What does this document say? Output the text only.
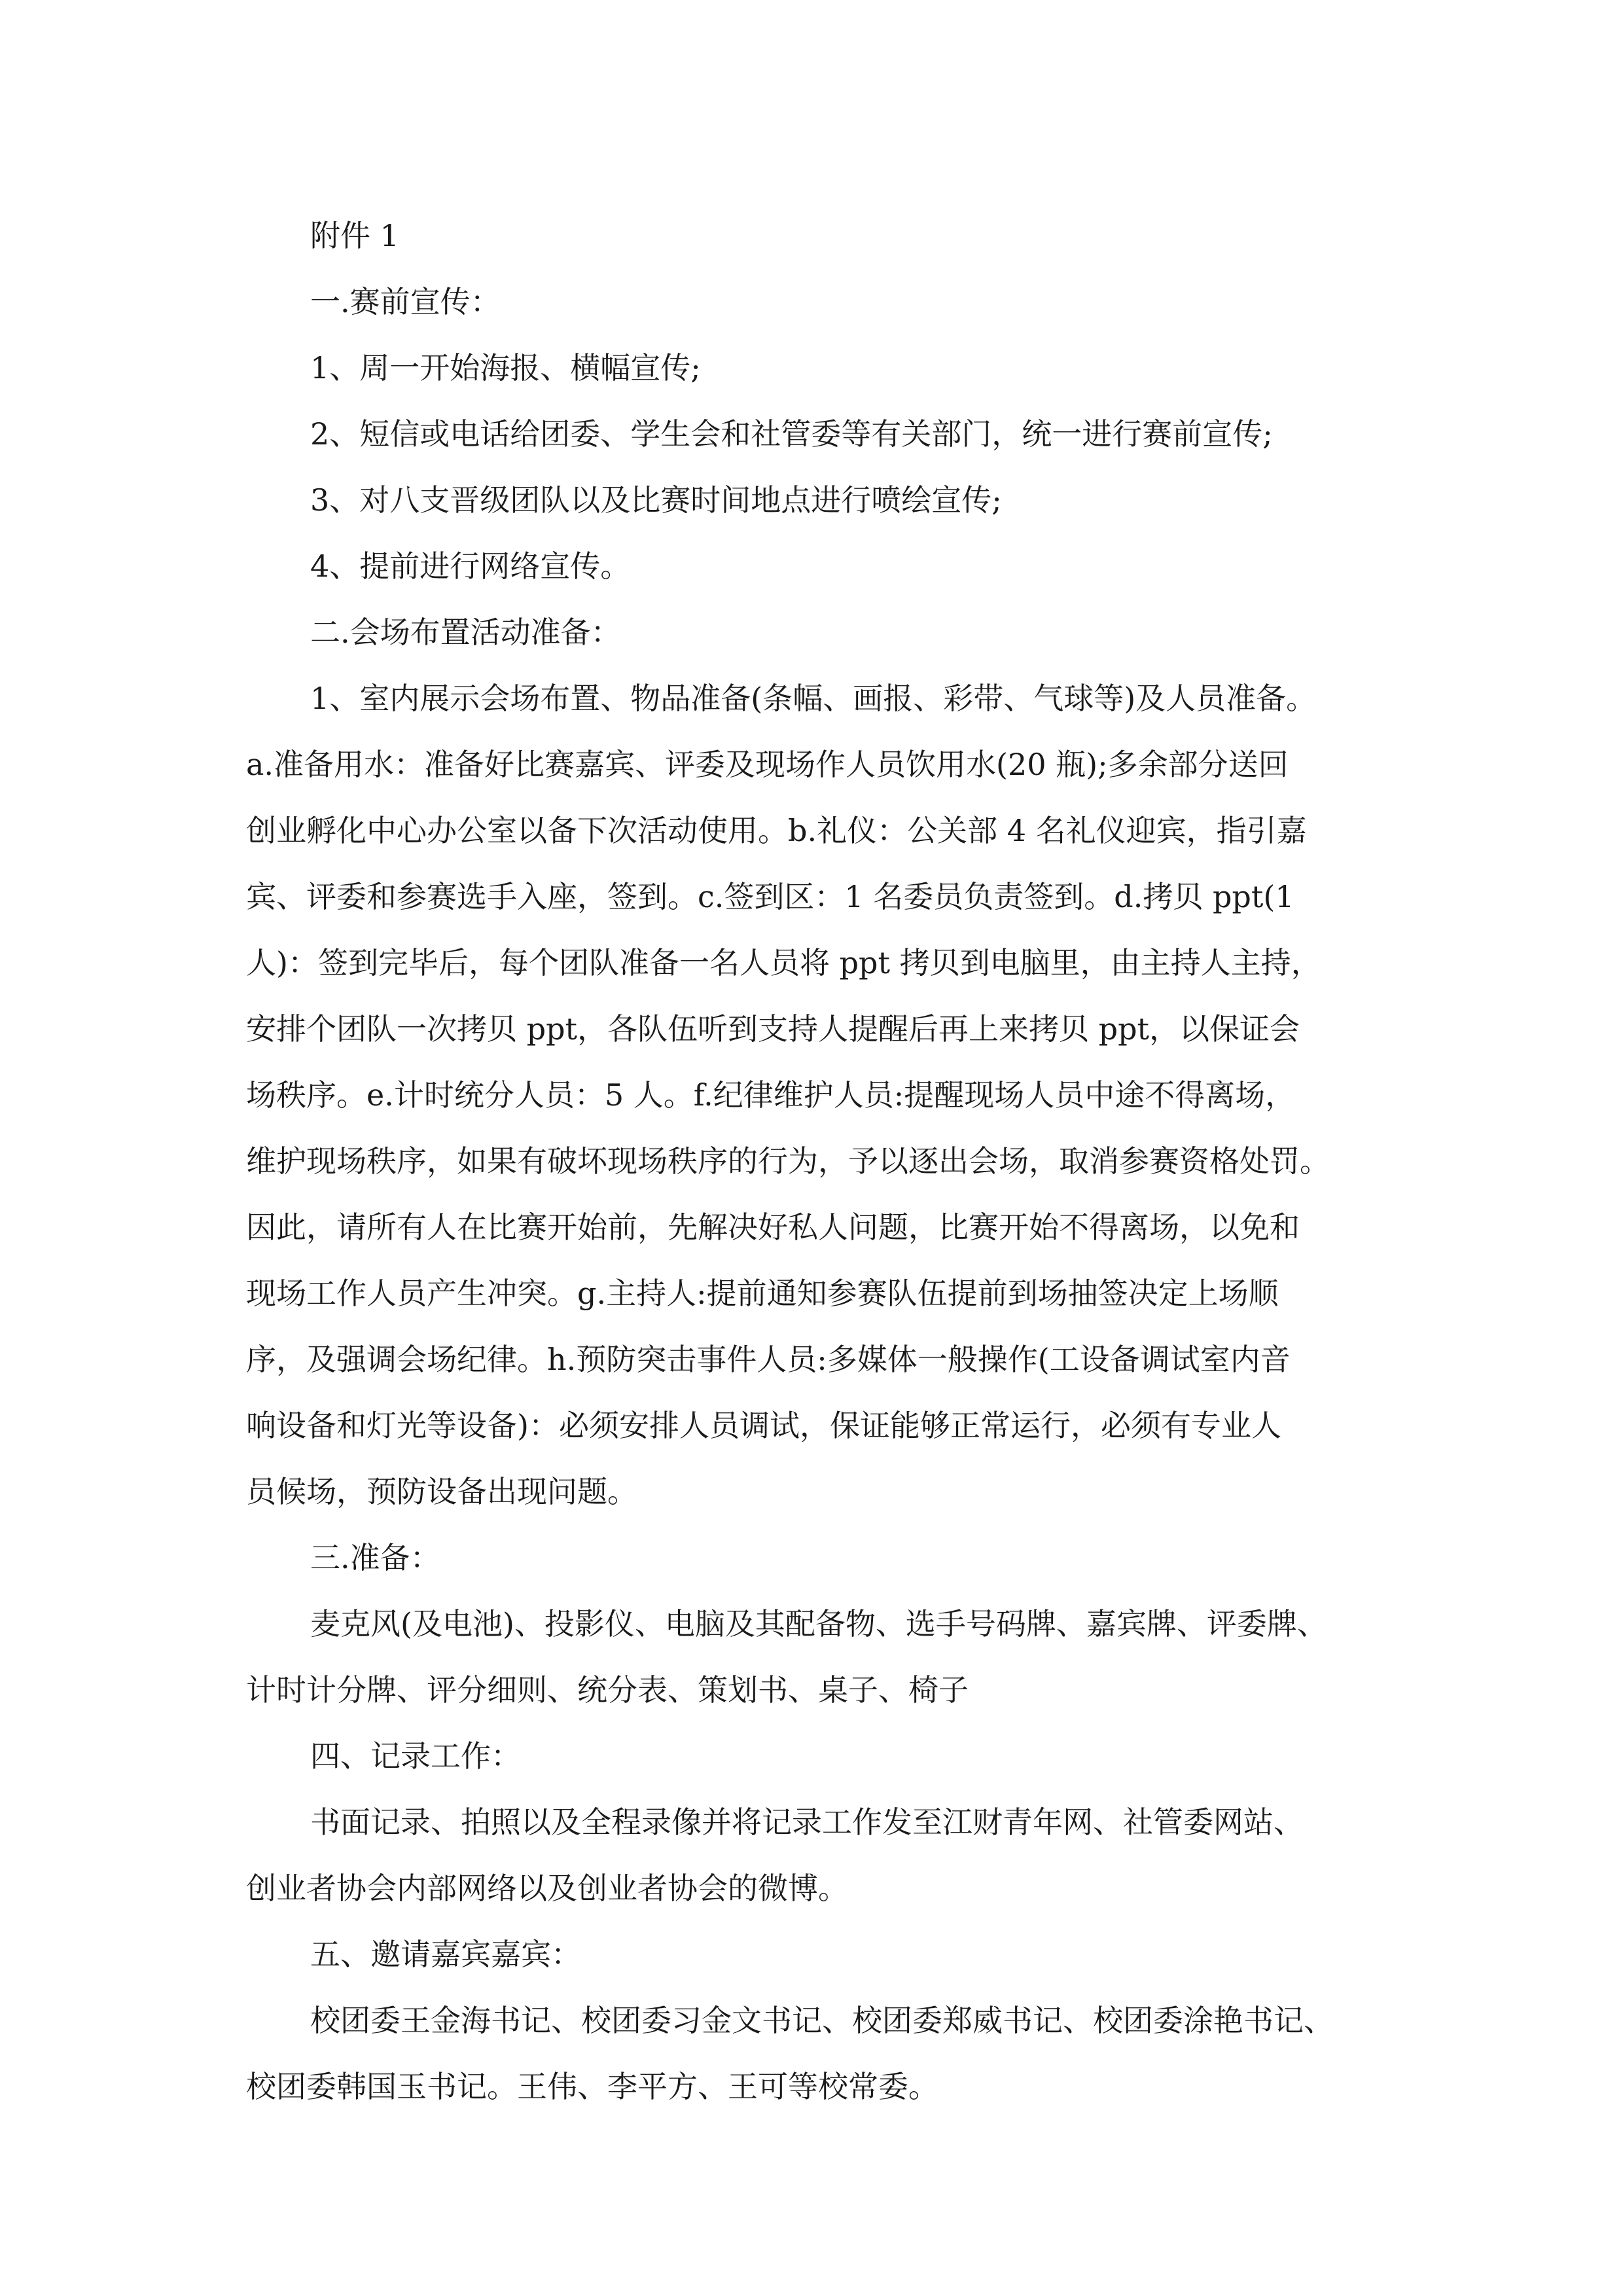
附件 1

一.赛前宣传：

1、周一开始海报、横幅宣传;

2、短信或电话给团委、学生会和社管委等有关部门，统一进行赛前宣传;

3、对八支晋级团队以及比赛时间地点进行喷绘宣传;

4、提前进行网络宣传。

二.会场布置活动准备：

1、室内展示会场布置、物品准备(条幅、画报、彩带、气球等)及人员准备。

a.准备用水：准备好比赛嘉宾、评委及现场作人员饮用水(20 瓶);多余部分送回

创业孵化中心办公室以备下次活动使用。b.礼仪：公关部 4 名礼仪迎宾，指引嘉

宾、评委和参赛选手入座，签到。c.签到区：1 名委员负责签到。d.拷贝 ppt(1

人)：签到完毕后，每个团队准备一名人员将 ppt 拷贝到电脑里，由主持人主持，

安排个团队一次拷贝 ppt，各队伍听到支持人提醒后再上来拷贝 ppt，以保证会

场秩序。e.计时统分人员：5 人。f.纪律维护人员:提醒现场人员中途不得离场，

维护现场秩序，如果有破坏现场秩序的行为，予以逐出会场，取消参赛资格处罚。

因此，请所有人在比赛开始前，先解决好私人问题，比赛开始不得离场，以免和

现场工作人员产生冲突。g.主持人:提前通知参赛队伍提前到场抽签决定上场顺

序，及强调会场纪律。h.预防突击事件人员:多媒体一般操作(工设备调试室内音

响设备和灯光等设备)：必须安排人员调试，保证能够正常运行，必须有专业人

员候场，预防设备出现问题。

三.准备：

麦克风(及电池)、投影仪、电脑及其配备物、选手号码牌、嘉宾牌、评委牌、

计时计分牌、评分细则、统分表、策划书、桌子、椅子

四、记录工作：

书面记录、拍照以及全程录像并将记录工作发至江财青年网、社管委网站、

创业者协会内部网络以及创业者协会的微博。

五、邀请嘉宾嘉宾：

校团委王金海书记、校团委习金文书记、校团委郑威书记、校团委涂艳书记、

校团委韩国玉书记。王伟、李平方、王可等校常委。
